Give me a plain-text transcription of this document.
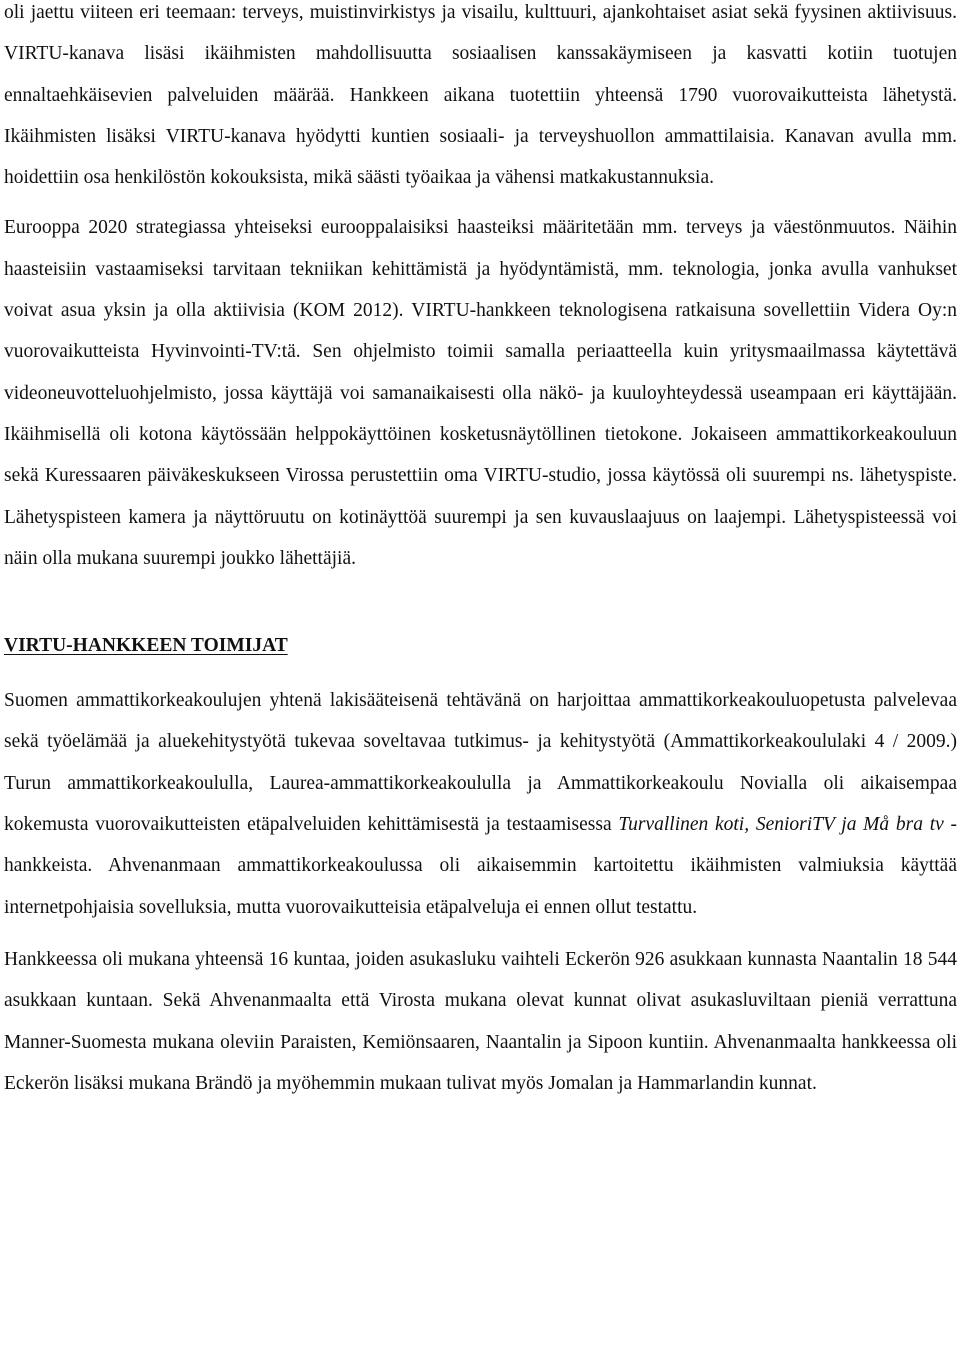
oli jaettu viiteen eri teemaan: terveys, muistinvirkistys ja visailu, kulttuuri, ajankohtaiset asiat sekä fyysinen aktiivisuus. VIRTU-kanava lisäsi ikäihmisten mahdollisuutta sosiaalisen kanssakäymiseen ja kasvatti kotiin tuotujen ennaltaehkäisevien palveluiden määrää. Hankkeen aikana tuotettiin yhteensä 1790 vuorovaikutteista lähetystä. Ikäihmisten lisäksi VIRTU-kanava hyödytti kuntien sosiaali- ja terveyshuollon ammattilaisia. Kanavan avulla mm. hoidettiin osa henkilöstön kokouksista, mikä säästi työaikaa ja vähensi matkakustannuksia.

Eurooppa 2020 strategiassa yhteiseksi eurooppalaisiksi haasteiksi määritetään mm. terveys ja väestönmuutos. Näihin haasteisiin vastaamiseksi tarvitaan tekniikan kehittämistä ja hyödyntämistä, mm. teknologia, jonka avulla vanhukset voivat asua yksin ja olla aktiivisia (KOM 2012). VIRTU-hankkeen teknologisena ratkaisuna sovellettiin Videra Oy:n vuorovaikutteista Hyvinvointi-TV:tä. Sen ohjelmisto toimii samalla periaatteella kuin yritysmaailmassa käytettävä videoneuvotteluohjelmisto, jossa käyttäjä voi samanaikaisesti olla näkö- ja kuuloyhteydessä useampaan eri käyttäjään. Ikäihmisellä oli kotona käytössään helppokäyttöinen kosketusnäytöllinen tietokone. Jokaiseen ammattikorkeakouluun sekä Kuressaaren päiväkeskukseen Virossa perustettiin oma VIRTU-studio, jossa käytössä oli suurempi ns. lähetyspiste. Lähetyspisteen kamera ja näyttöruutu on kotinäyttöä suurempi ja sen kuvauslaajuus on laajempi. Lähetyspisteessä voi näin olla mukana suurempi joukko lähettäjiä.

VIRTU-HANKKEEN TOIMIJAT

Suomen ammattikorkeakoulujen yhtenä lakisääteisenä tehtävänä on harjoittaa ammattikorkeakouluopetusta palvelevaa sekä työelämää ja aluekehitystyötä tukevaa soveltavaa tutkimus- ja kehitystyötä (Ammattikorkeakoululaki 4 / 2009.) Turun ammattikorkeakoululla, Laurea-ammattikorkeakoululla ja Ammattikorkeakoulu Novialla oli aikaisempaa kokemusta vuorovaikutteisten etäpalveluiden kehittämisestä ja testaamisessa Turvallinen koti, SenioriTV ja Må bra tv -hankkeista. Ahvenanmaan ammattikorkeakoulussa oli aikaisemmin kartoitettu ikäihmisten valmiuksia käyttää internetpohjaisia sovelluksia, mutta vuorovaikutteisia etäpalveluja ei ennen ollut testattu.

Hankkeessa oli mukana yhteensä 16 kuntaa, joiden asukasluku vaihteli Eckerön 926 asukkaan kunnasta Naantalin 18 544 asukkaan kuntaan. Sekä Ahvenanmaalta että Virosta mukana olevat kunnat olivat asukasluviltaan pieniä verrattuna Manner-Suomesta mukana oleviin Paraisten, Kemiönsaaren, Naantalin ja Sipoon kuntiin. Ahvenanmaalta hankkeessa oli Eckerön lisäksi mukana Brändö ja myöhemmin mukaan tulivat myös Jomalan ja Hammarlandin kunnat.
